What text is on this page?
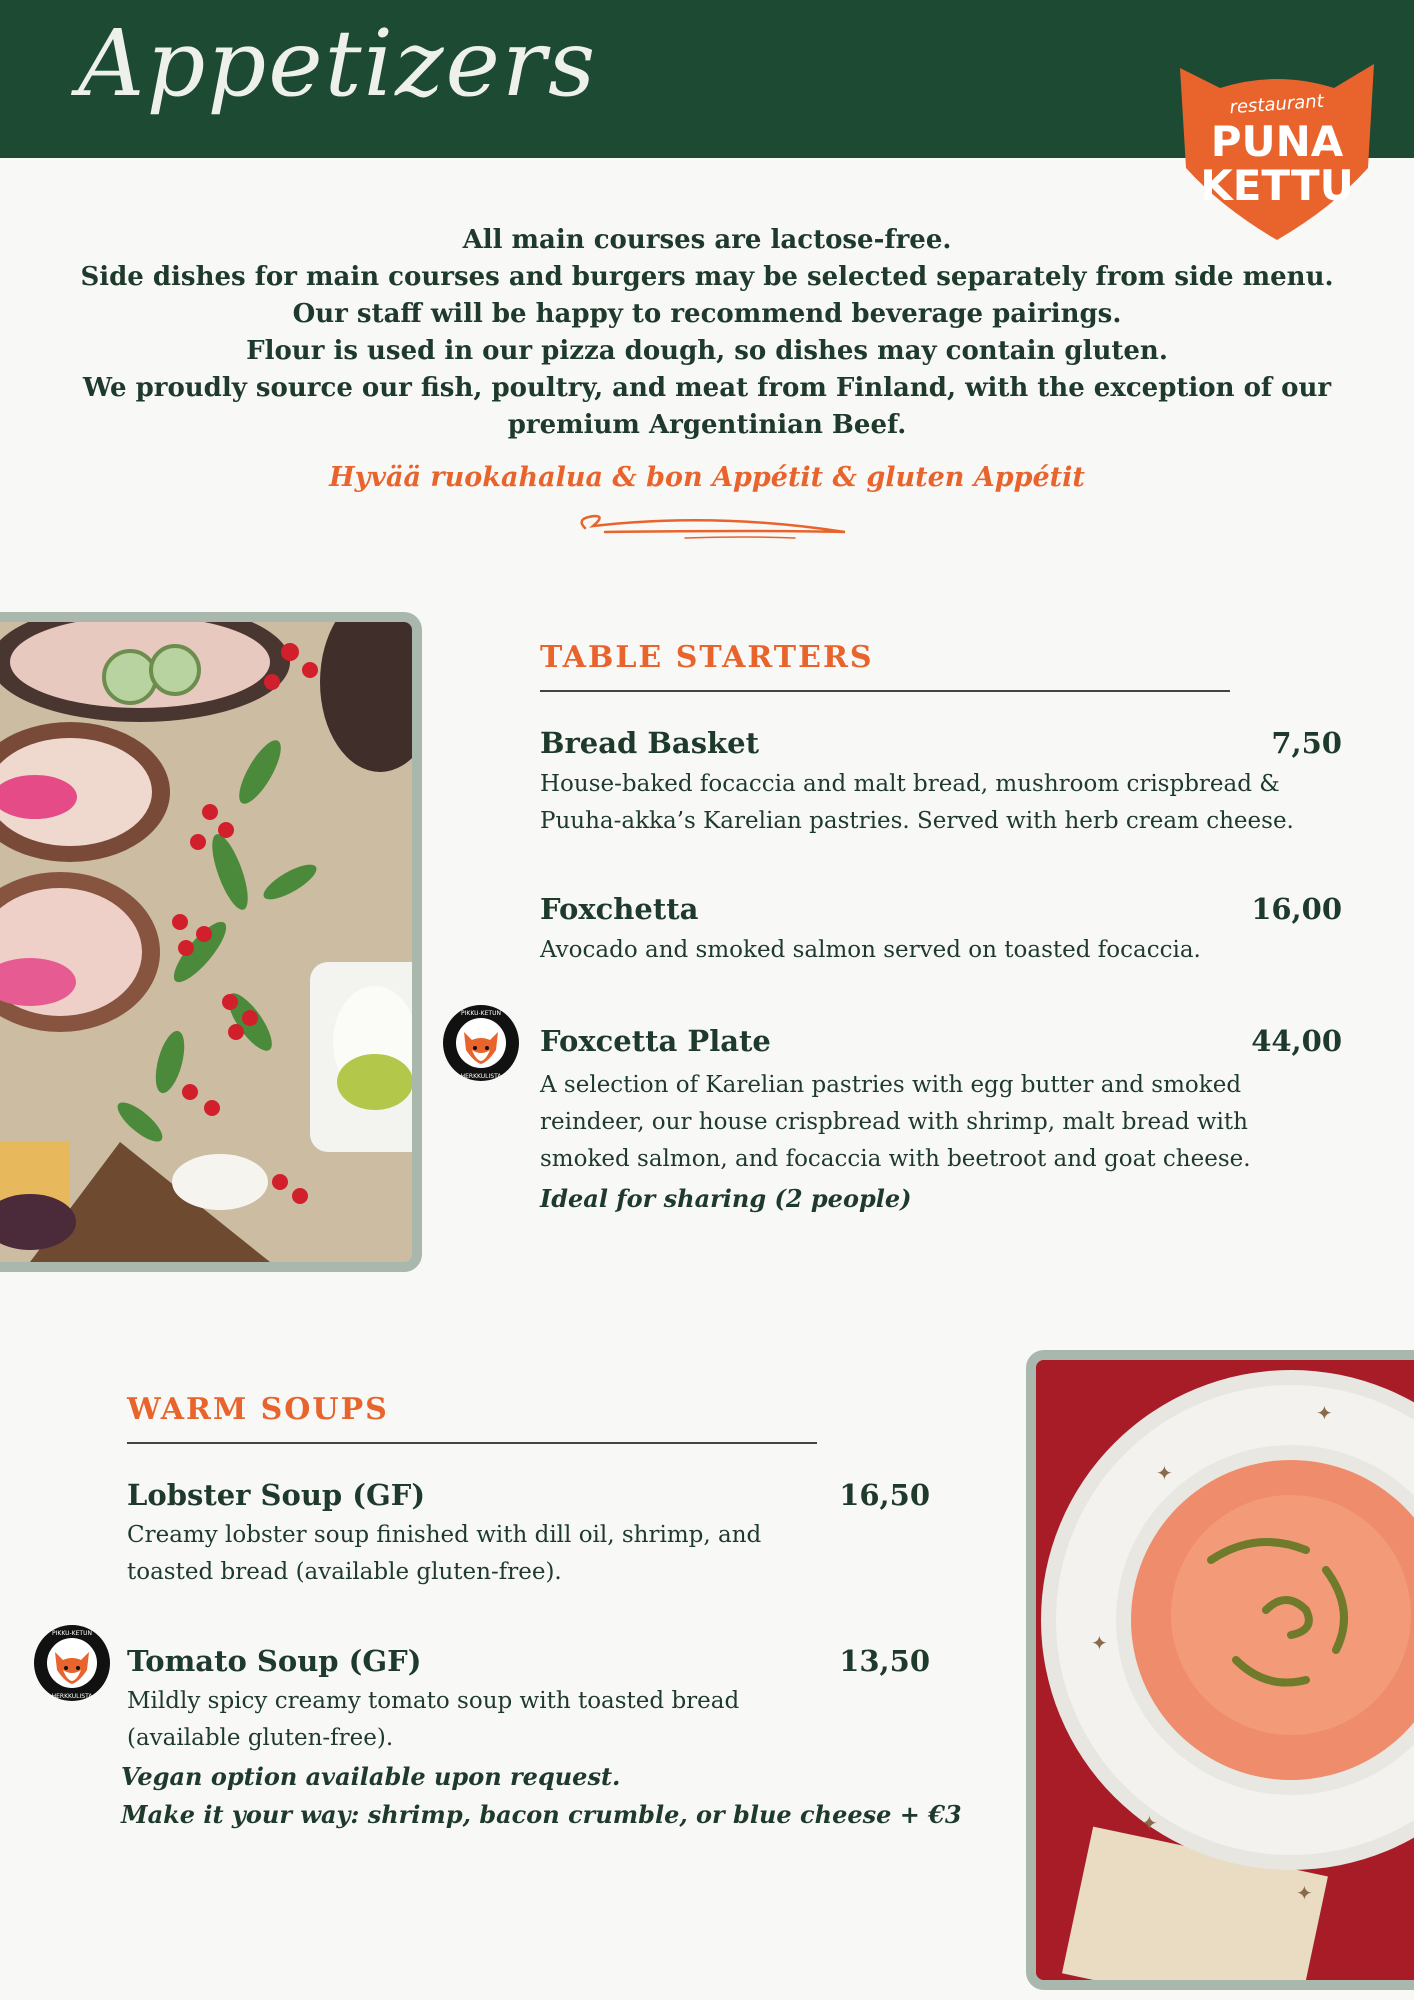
Appetizers	restaurant
PUNA
KETTU
All main courses are lactose-free.
Side dishes for main courses and burgers may be selected separately from side menu.
Our staff will be happy to recommend beverage pairings.
Flour is used in our pizza dough, so dishes may contain gluten.
We proudly source our fish, poultry, and meat from Finland, with the exception of our
premium Argentinian Beef.
Hyvää ruokahalua & bon Appétit & gluten Appétit
TABLE STARTERS
Bread Basket	7,50
House-baked focaccia and malt bread, mushroom crispbread &
Puuha-akka’s Karelian pastries. Served with herb cream cheese.
Foxchetta	16,00
Avocado and smoked salmon served on toasted focaccia.
PIKKU-KETUN
HERKKULISTA
Foxcetta Plate	44,00
A selection of Karelian pastries with egg butter and smoked
reindeer, our house crispbread with shrimp, malt bread with
smoked salmon, and focaccia with beetroot and goat cheese.
Ideal for sharing (2 people)
WARM SOUPS
Lobster Soup (GF)	16,50
Creamy lobster soup finished with dill oil, shrimp, and
toasted bread (available gluten-free).
PIKKU-KETUN
HERKKULISTA
Tomato Soup (GF)	13,50
Mildly spicy creamy tomato soup with toasted bread
(available gluten-free).
Vegan option available upon request.
Make it your way: shrimp, bacon crumble, or blue cheese + €3
✦
✦
✦
✦
✦
